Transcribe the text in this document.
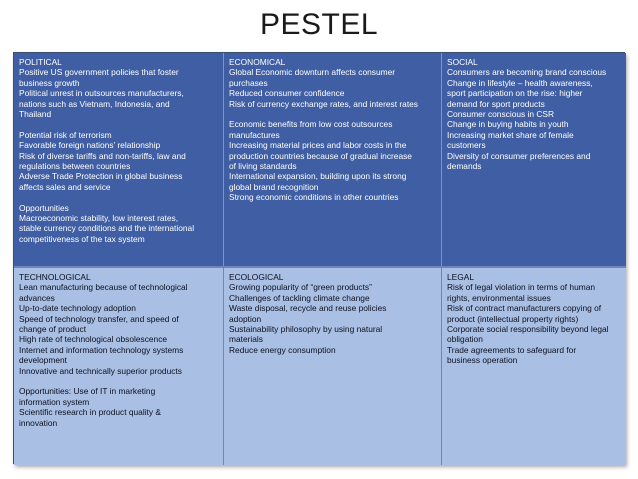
PESTEL
POLITICAL
Positive US government policies that foster
business growth
Political unrest in outsources manufacturers,
nations such as Vietnam, Indonesia, and
Thailand
Potential risk of terrorism
Favorable foreign nations’ relationship
Risk of diverse tariffs and non-tariffs, law and
regulations between countries
Adverse Trade Protection in global business
affects sales and service
Opportunities
Macroeconomic stability, low interest rates,
stable currency conditions and the international
competitiveness of the tax system
ECONOMICAL
Global Economic downturn affects consumer
purchases
Reduced consumer confidence
Risk of currency exchange rates, and interest rates
Economic benefits from low cost outsources
manufactures
Increasing material prices and labor costs in the
production countries because of gradual increase
of living standards
International expansion, building upon its strong
global brand recognition
Strong economic conditions in other countries
SOCIAL
Consumers are becoming brand conscious
Change in lifestyle – health awareness,
sport participation on the rise: higher
demand for sport products
Consumer conscious in CSR
Change in buying habits in youth
Increasing market share of female
customers
Diversity of consumer preferences and
demands
TECHNOLOGICAL
Lean manufacturing because of technological
advances
Up-to-date technology adoption
Speed of technology transfer, and speed of
change of product
High rate of technological obsolescence
Internet and information technology systems
development
Innovative and technically superior products
Opportunities: Use of IT in marketing
information system
Scientific research in product quality &
innovation
ECOLOGICAL
Growing popularity of “green products”
Challenges of tackling climate change
Waste disposal, recycle and reuse policies
adoption
Sustainability philosophy by using natural
materials
Reduce energy consumption
LEGAL
Risk of legal violation in terms of human
rights, environmental issues
Risk of contract manufacturers copying of
product (intellectual property rights)
Corporate social responsibility beyond legal
obligation
Trade agreements to safeguard for
business operation
